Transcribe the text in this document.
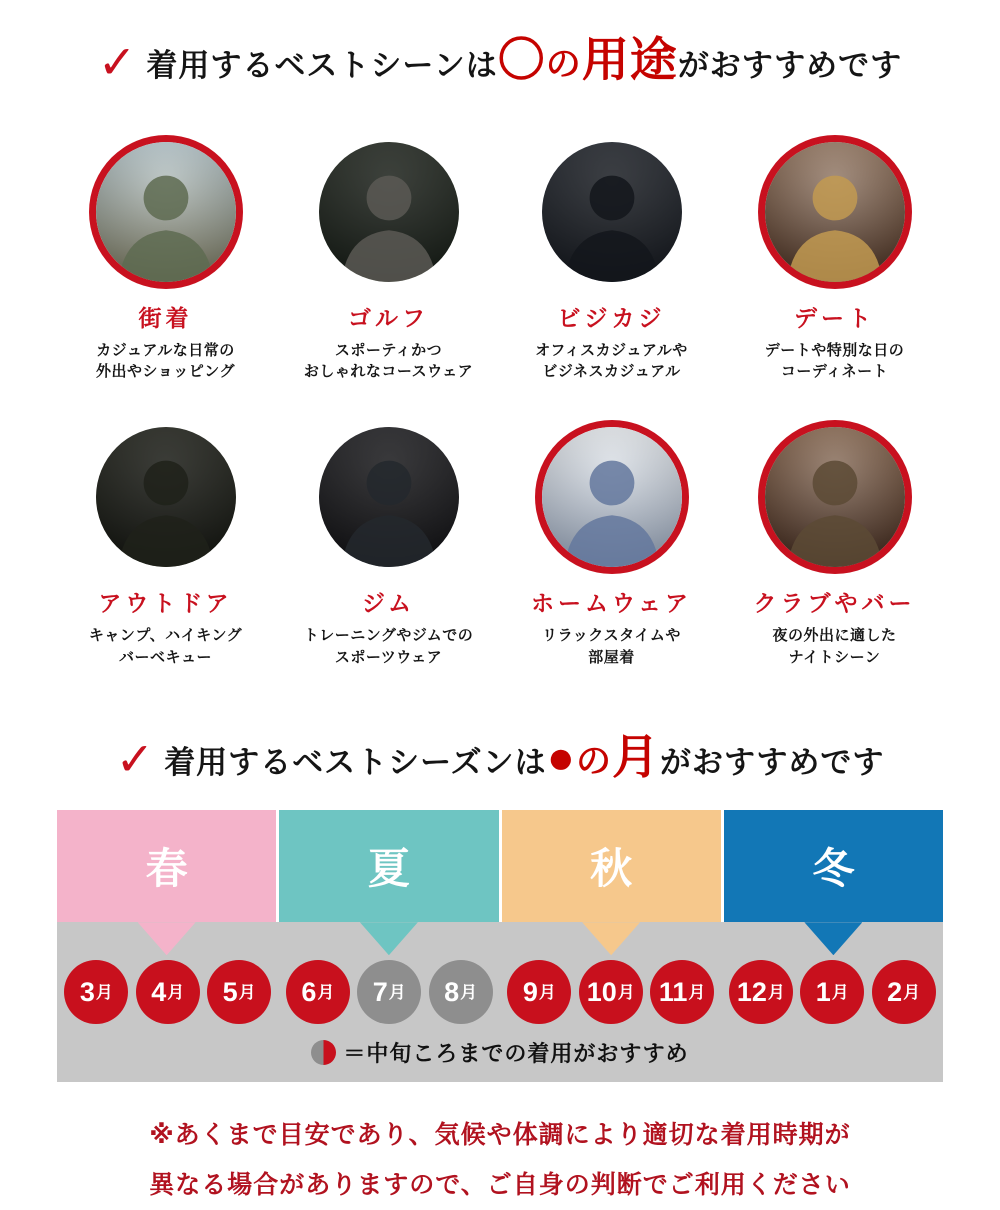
✓ 着用するベストシーンは〇の用途がおすすめです
街着
カジュアルな日常の
外出やショッピング
ゴルフ
スポーティかつ
おしゃれなコースウェア
ビジカジ
オフィスカジュアルや
ビジネスカジュアル
デート
デートや特別な日の
コーディネート
アウトドア
キャンプ、ハイキング
バーベキュー
ジム
トレーニングやジムでの
スポーツウェア
ホームウェア
リラックスタイムや
部屋着
クラブやバー
夜の外出に適した
ナイトシーン
✓ 着用するベストシーズンは●の月がおすすめです
春	夏	秋	冬
3 月 4 月 5 月 6 月 7 月 8 月 9 月 10 月 11 月 12 月 1 月 2 月
＝中旬ころまでの着用がおすすめ
※あくまで目安であり、気候や体調により適切な着用時期が
異なる場合がありますので、ご自身の判断でご利用ください
